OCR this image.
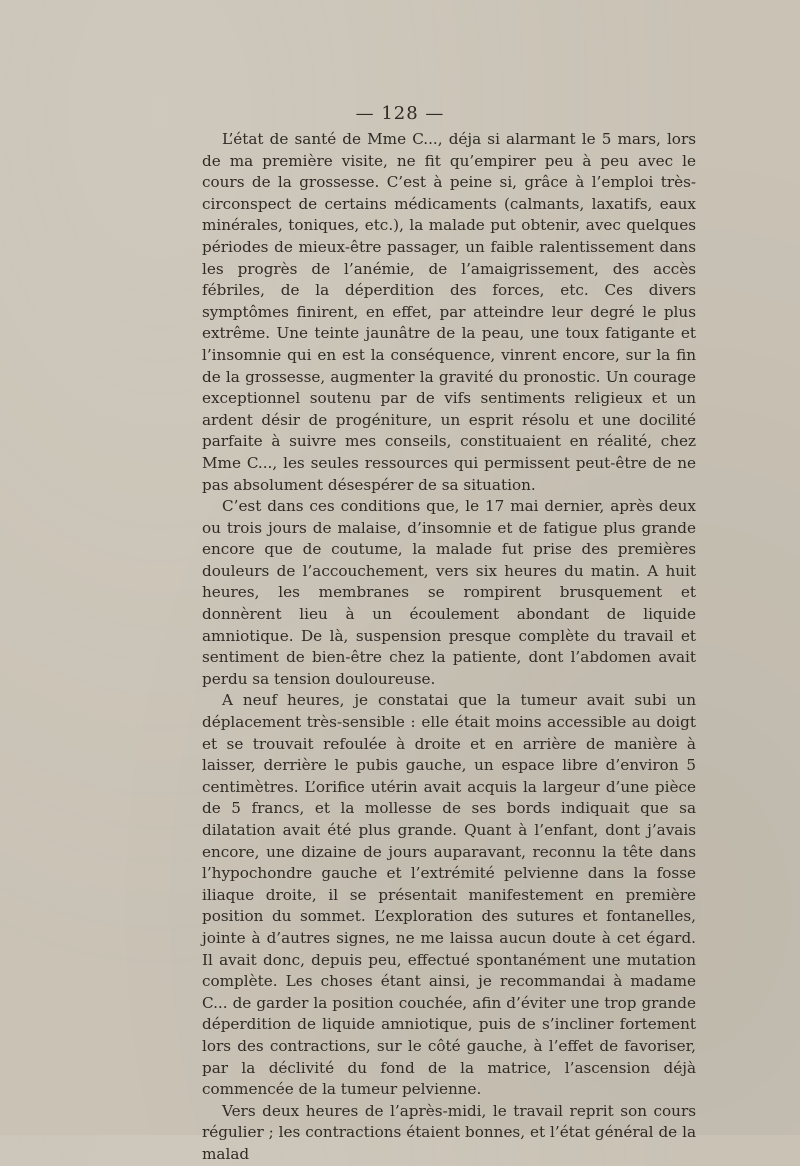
— 128 —

L’état de santé de Mme C..., déja si alarmant le 5 mars, lors de ma première visite, ne fit qu’empirer peu à peu avec le cours de la grossesse. C’est à peine si, grâce à l’emploi très-circonspect de certains médicaments (calmants, laxatifs, eaux minérales, toniques, etc.), la malade put obtenir, avec quelques périodes de mieux-être passager, un faible ralentissement dans les progrès de l’anémie, de l’amaigrissement, des accès fébriles, de la déperdition des forces, etc. Ces divers symptômes finirent, en effet, par atteindre leur degré le plus extrême. Une teinte jaunâtre de la peau, une toux fatigante et l’insomnie qui en est la conséquence, vinrent encore, sur la fin de la grossesse, augmenter la gravité du pronostic. Un courage exceptionnel soutenu par de vifs sentiments religieux et un ardent désir de progéniture, un esprit résolu et une docilité parfaite à suivre mes conseils, constituaient en réalité, chez Mme C..., les seules ressources qui permissent peut-être de ne pas absolument désespérer de sa situation.

C’est dans ces conditions que, le 17 mai dernier, après deux ou trois jours de malaise, d’insomnie et de fatigue plus grande encore que de coutume, la malade fut prise des premières douleurs de l’accouchement, vers six heures du matin. A huit heures, les membranes se rompirent brusquement et donnèrent lieu à un écoulement abondant de liquide amniotique. De là, suspension presque complète du travail et sentiment de bien-être chez la patiente, dont l’abdomen avait perdu sa tension douloureuse.

A neuf heures, je constatai que la tumeur avait subi un déplacement très-sensible : elle était moins accessible au doigt et se trouvait refoulée à droite et en arrière de manière à laisser, derrière le pubis gauche, un espace libre d’environ 5 centimètres. L’orifice utérin avait acquis la largeur d’une pièce de 5 francs, et la mollesse de ses bords indiquait que sa dilatation avait été plus grande. Quant à l’enfant, dont j’avais encore, une dizaine de jours auparavant, reconnu la tête dans l’hypochondre gauche et l’extrémité pelvienne dans la fosse iliaque droite, il se présentait manifestement en première position du sommet. L’exploration des sutures et fontanelles, jointe à d’autres signes, ne me laissa aucun doute à cet égard. Il avait donc, depuis peu, effectué spontanément une mutation complète. Les choses étant ainsi, je recommandai à madame C... de garder la position couchée, afin d’éviter une trop grande déperdition de liquide amniotique, puis de s’incliner fortement lors des contractions, sur le côté gauche, à l’effet de favoriser, par la déclivité du fond de la matrice, l’ascension déjà commencée de la tumeur pelvienne.

Vers deux heures de l’après-midi, le travail reprit son cours régulier ; les contractions étaient bonnes, et l’état général de la malad
